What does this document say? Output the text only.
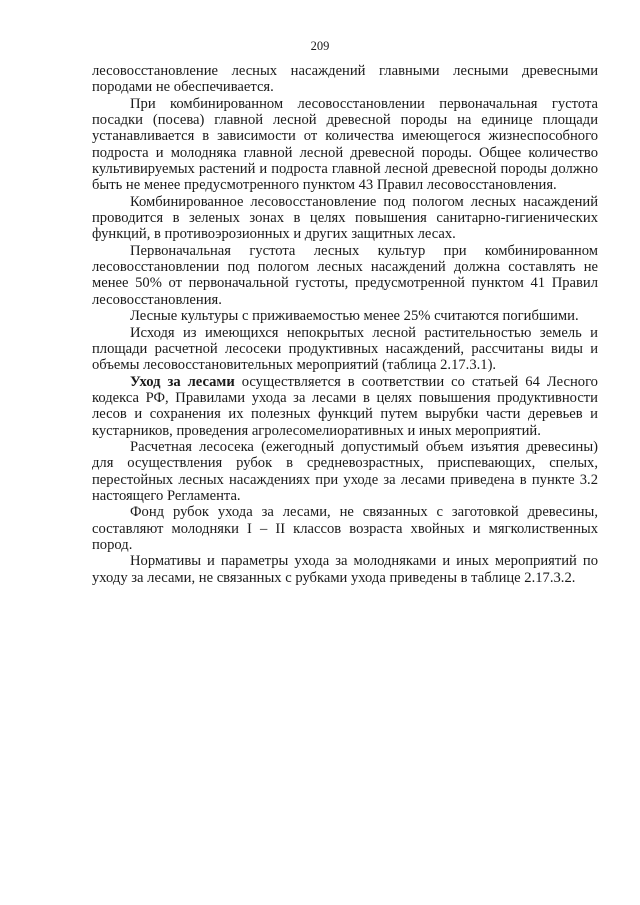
209

лесовосстановление лесных насаждений главными лесными древесными породами не обеспечивается.

При комбинированном лесовосстановлении первоначальная густота посадки (посева) главной лесной древесной породы на единице площади устанавливается в зависимости от количества имеющегося жизнеспособного подроста и молодняка главной лесной древесной породы. Общее количество культивируемых растений и подроста главной лесной древесной породы должно быть не менее предусмотренного пунктом 43 Правил лесовосстановления.

Комбинированное лесовосстановление под пологом лесных насаждений проводится в зеленых зонах в целях повышения санитарно-гигиенических функций, в противоэрозионных и других защитных лесах.

Первоначальная густота лесных культур при комбинированном лесовосстановлении под пологом лесных насаждений должна составлять не менее 50% от первоначальной густоты, предусмотренной пунктом 41 Правил лесовосстановления.

Лесные культуры с приживаемостью менее 25% считаются погибшими.

Исходя из имеющихся непокрытых лесной растительностью земель и площади расчетной лесосеки продуктивных насаждений, рассчитаны виды и объемы лесовосстановительных мероприятий (таблица 2.17.3.1).

Уход за лесами осуществляется в соответствии со статьей 64 Лесного кодекса РФ, Правилами ухода за лесами в целях повышения продуктивности лесов и сохранения их полезных функций путем вырубки части деревьев и кустарников, проведения агролесомелиоративных и иных мероприятий.

Расчетная лесосека (ежегодный допустимый объем изъятия древесины) для осуществления рубок в средневозрастных, приспевающих, спелых, перестойных лесных насаждениях при уходе за лесами приведена в пункте 3.2 настоящего Регламента.

Фонд рубок ухода за лесами, не связанных с заготовкой древесины, составляют молодняки I – II классов возраста хвойных и мягколиственных пород.

Нормативы и параметры ухода за молодняками и иных мероприятий по уходу за лесами, не связанных с рубками ухода приведены в таблице 2.17.3.2.
